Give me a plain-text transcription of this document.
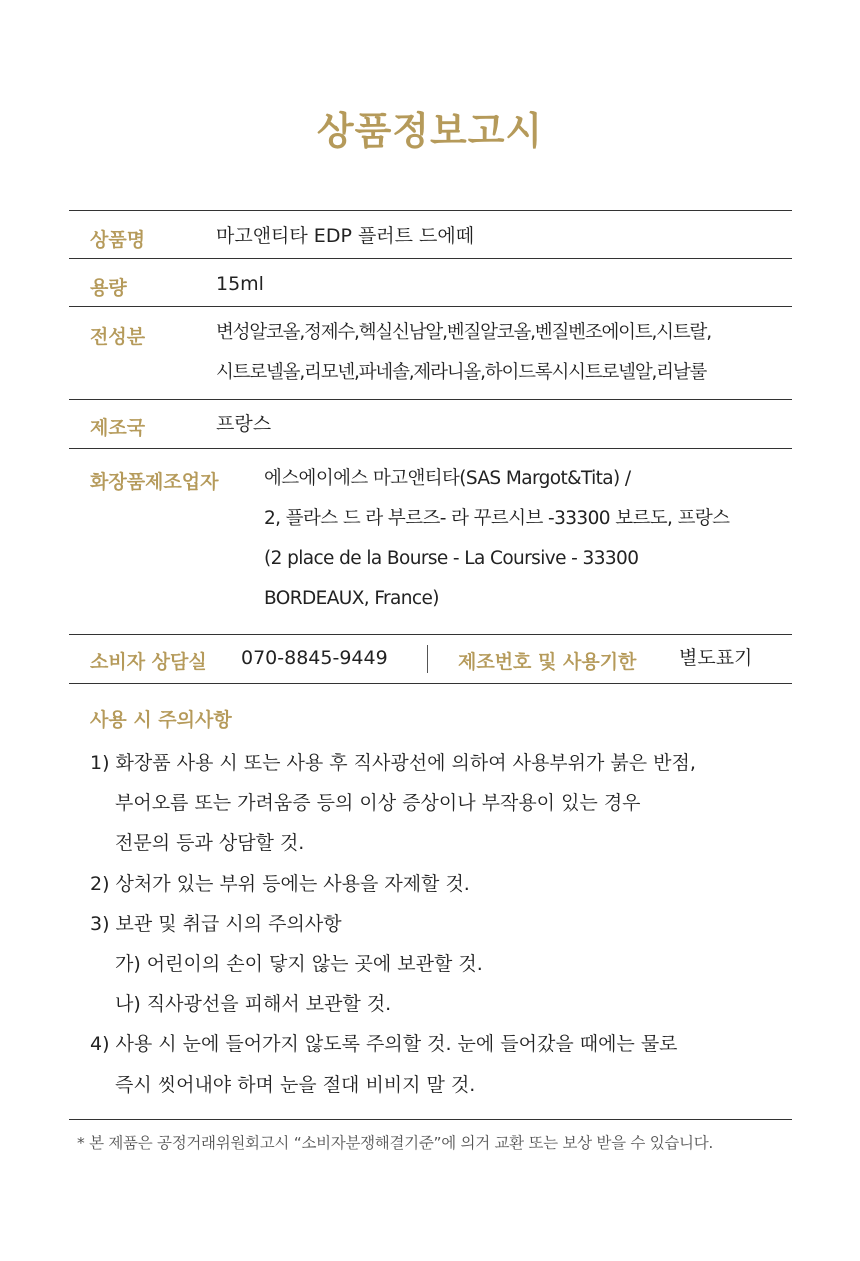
상품정보고시
상품명	마고앤티타 EDP 플러트 드에떼
용량	15ml
전성분	변성알코올,정제수,헥실신남알,벤질알코올,벤질벤조에이트,시트랄,
시트로넬올,리모넨,파네솔,제라니올,하이드록시시트로넬알,리날룰
제조국	프랑스
화장품제조업자 에스에이에스 마고앤티타(SAS Margot&Tita) /
2, 플라스 드 라 부르즈- 라 꾸르시브 -33300 보르도, 프랑스
(2 place de la Bourse - La Coursive - 33300
BORDEAUX, France)
소비자 상담실 070-8845-9449	제조번호 및 사용기한 별도표기
사용 시 주의사항
1) 화장품 사용 시 또는 사용 후 직사광선에 의하여 사용부위가 붉은 반점,
부어오름 또는 가려움증 등의 이상 증상이나 부작용이 있는 경우
전문의 등과 상담할 것.
2) 상처가 있는 부위 등에는 사용을 자제할 것.
3) 보관 및 취급 시의 주의사항
가) 어린이의 손이 닿지 않는 곳에 보관할 것.
나) 직사광선을 피해서 보관할 것.
4) 사용 시 눈에 들어가지 않도록 주의할 것. 눈에 들어갔을 때에는 물로
즉시 씻어내야 하며 눈을 절대 비비지 말 것.
* 본 제품은 공정거래위원회고시 “소비자분쟁해결기준”에 의거 교환 또는 보상 받을 수 있습니다.
